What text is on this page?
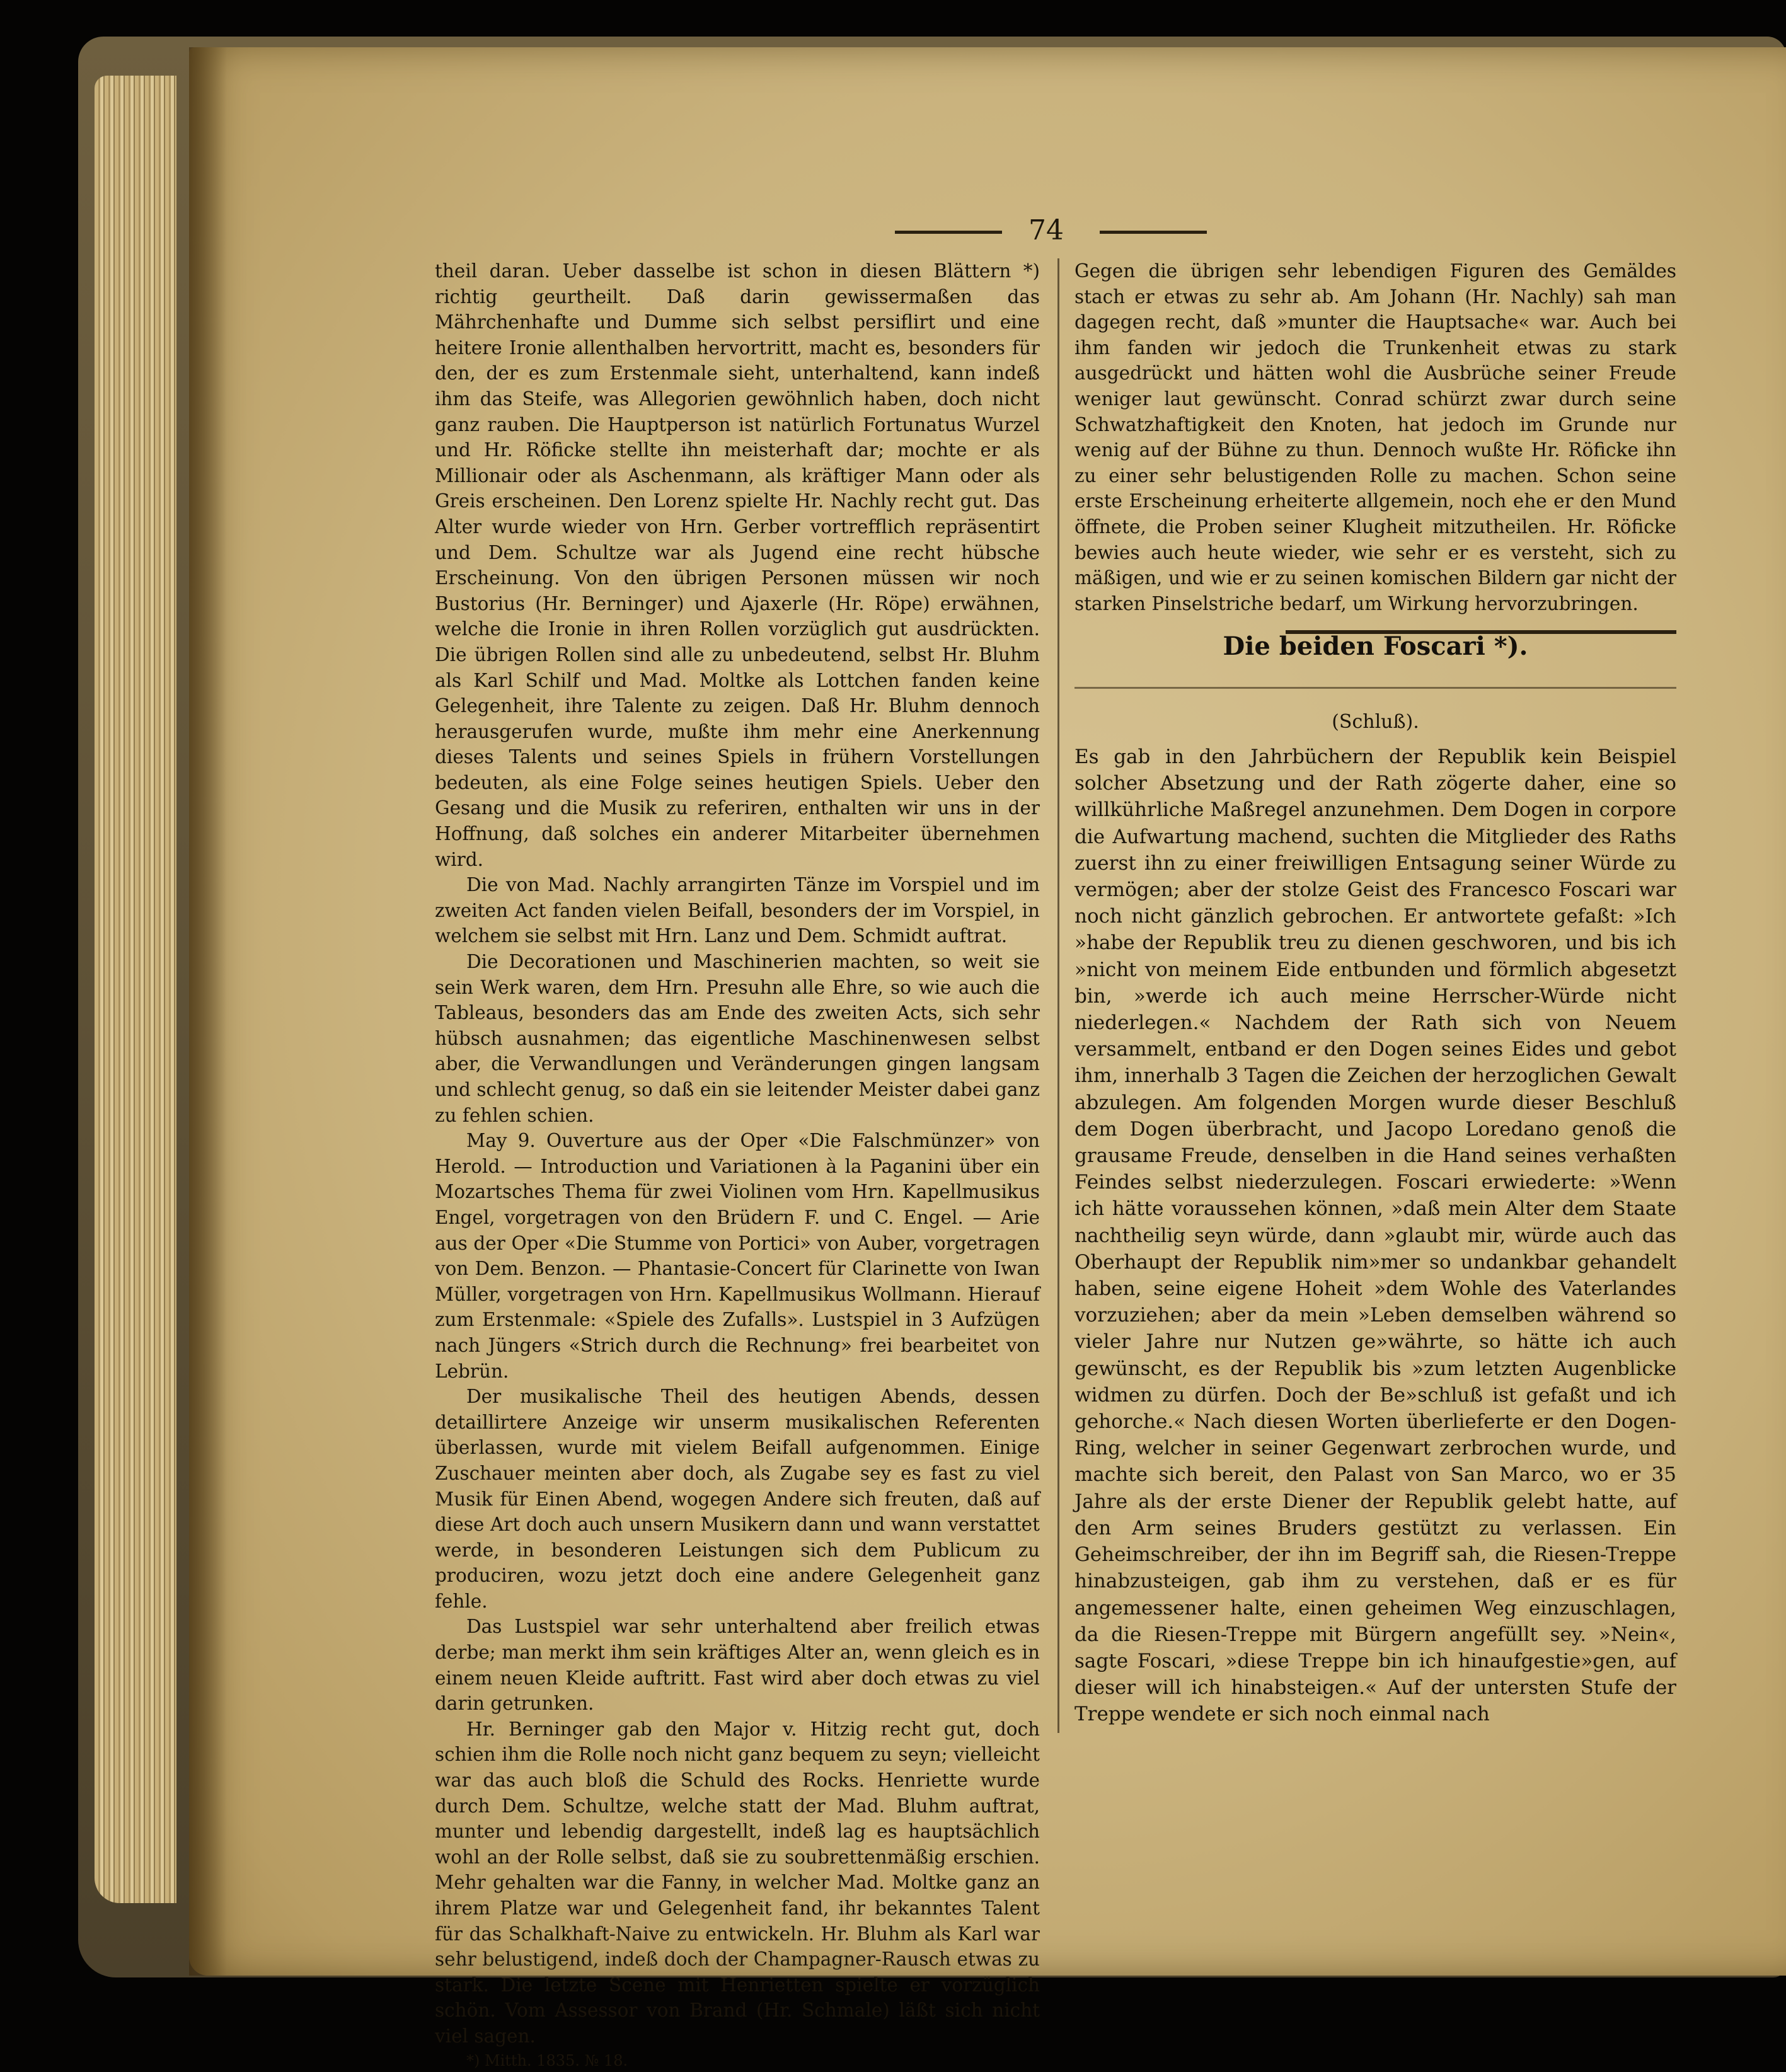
74

theil daran. Ueber dasselbe ist schon in diesen Blättern *) richtig geurtheilt. Daß darin gewissermaßen das Mährchenhafte und Dumme sich selbst persiflirt und eine heitere Ironie allenthalben hervortritt, macht es, besonders für den, der es zum Erstenmale sieht, unterhaltend, kann indeß ihm das Steife, was Allegorien gewöhnlich haben, doch nicht ganz rauben. Die Hauptperson ist natürlich Fortunatus Wurzel und Hr. Röficke stellte ihn meisterhaft dar; mochte er als Millionair oder als Aschenmann, als kräftiger Mann oder als Greis erscheinen. Den Lorenz spielte Hr. Nachly recht gut. Das Alter wurde wieder von Hrn. Gerber vortrefflich repräsentirt und Dem. Schultze war als Jugend eine recht hübsche Erscheinung. Von den übrigen Personen müssen wir noch Bustorius (Hr. Berninger) und Ajaxerle (Hr. Röpe) erwähnen, welche die Ironie in ihren Rollen vorzüglich gut ausdrückten. Die übrigen Rollen sind alle zu unbedeutend, selbst Hr. Bluhm als Karl Schilf und Mad. Moltke als Lottchen fanden keine Gelegenheit, ihre Talente zu zeigen. Daß Hr. Bluhm dennoch herausgerufen wurde, mußte ihm mehr eine Anerkennung dieses Talents und seines Spiels in frühern Vorstellungen bedeuten, als eine Folge seines heutigen Spiels. Ueber den Gesang und die Musik zu referiren, enthalten wir uns in der Hoffnung, daß solches ein anderer Mitarbeiter übernehmen wird.

Die von Mad. Nachly arrangirten Tänze im Vorspiel und im zweiten Act fanden vielen Beifall, besonders der im Vorspiel, in welchem sie selbst mit Hrn. Lanz und Dem. Schmidt auftrat.

Die Decorationen und Maschinerien machten, so weit sie sein Werk waren, dem Hrn. Presuhn alle Ehre, so wie auch die Tableaus, besonders das am Ende des zweiten Acts, sich sehr hübsch ausnahmen; das eigentliche Maschinenwesen selbst aber, die Verwandlungen und Veränderungen gingen langsam und schlecht genug, so daß ein sie leitender Meister dabei ganz zu fehlen schien.

May 9. Ouverture aus der Oper «Die Falschmünzer» von Herold. — Introduction und Variationen à la Paganini über ein Mozartsches Thema für zwei Violinen vom Hrn. Kapellmusikus Engel, vorgetragen von den Brüdern F. und C. Engel. — Arie aus der Oper «Die Stumme von Portici» von Auber, vorgetragen von Dem. Benzon. — Phantasie-Concert für Clarinette von Iwan Müller, vorgetragen von Hrn. Kapellmusikus Wollmann. Hierauf zum Erstenmale: «Spiele des Zufalls». Lustspiel in 3 Aufzügen nach Jüngers «Strich durch die Rechnung» frei bearbeitet von Lebrün.

Der musikalische Theil des heutigen Abends, dessen detaillirtere Anzeige wir unserm musikalischen Referenten überlassen, wurde mit vielem Beifall aufgenommen. Einige Zuschauer meinten aber doch, als Zugabe sey es fast zu viel Musik für Einen Abend, wogegen Andere sich freuten, daß auf diese Art doch auch unsern Musikern dann und wann verstattet werde, in besonderen Leistungen sich dem Publicum zu produciren, wozu jetzt doch eine andere Gelegenheit ganz fehle.

Das Lustspiel war sehr unterhaltend aber freilich etwas derbe; man merkt ihm sein kräftiges Alter an, wenn gleich es in einem neuen Kleide auftritt. Fast wird aber doch etwas zu viel darin getrunken.

Hr. Berninger gab den Major v. Hitzig recht gut, doch schien ihm die Rolle noch nicht ganz bequem zu seyn; vielleicht war das auch bloß die Schuld des Rocks. Henriette wurde durch Dem. Schultze, welche statt der Mad. Bluhm auftrat, munter und lebendig dargestellt, indeß lag es hauptsächlich wohl an der Rolle selbst, daß sie zu soubrettenmäßig erschien. Mehr gehalten war die Fanny, in welcher Mad. Moltke ganz an ihrem Platze war und Gelegenheit fand, ihr bekanntes Talent für das Schalkhaft-Naive zu entwickeln. Hr. Bluhm als Karl war sehr belustigend, indeß doch der Champagner-Rausch etwas zu stark. Die letzte Scene mit Henrietten spielte er vorzüglich schön. Vom Assessor von Brand (Hr. Schmale) läßt sich nicht viel sagen.

*) Mitth. 1835. № 18.

Gegen die übrigen sehr lebendigen Figuren des Gemäldes stach er etwas zu sehr ab. Am Johann (Hr. Nachly) sah man dagegen recht, daß »munter die Hauptsache« war. Auch bei ihm fanden wir jedoch die Trunkenheit etwas zu stark ausgedrückt und hätten wohl die Ausbrüche seiner Freude weniger laut gewünscht. Conrad schürzt zwar durch seine Schwatzhaftigkeit den Knoten, hat jedoch im Grunde nur wenig auf der Bühne zu thun. Dennoch wußte Hr. Röficke ihn zu einer sehr belustigenden Rolle zu machen. Schon seine erste Erscheinung erheiterte allgemein, noch ehe er den Mund öffnete, die Proben seiner Klugheit mitzutheilen. Hr. Röficke bewies auch heute wieder, wie sehr er es versteht, sich zu mäßigen, und wie er zu seinen komischen Bildern gar nicht der starken Pinselstriche bedarf, um Wirkung hervorzubringen.

Die beiden Foscari *).
(Schluß).

Es gab in den Jahrbüchern der Republik kein Beispiel solcher Absetzung und der Rath zögerte daher, eine so willkührliche Maßregel anzunehmen. Dem Dogen in corpore die Aufwartung machend, suchten die Mitglieder des Raths zuerst ihn zu einer freiwilligen Entsagung seiner Würde zu vermögen; aber der stolze Geist des Francesco Foscari war noch nicht gänzlich gebrochen. Er antwortete gefaßt: »Ich »habe der Republik treu zu dienen geschworen, und bis ich »nicht von meinem Eide entbunden und förmlich abgesetzt bin, »werde ich auch meine Herrscher-Würde nicht niederlegen.« Nachdem der Rath sich von Neuem versammelt, entband er den Dogen seines Eides und gebot ihm, innerhalb 3 Tagen die Zeichen der herzoglichen Gewalt abzulegen. Am folgenden Morgen wurde dieser Beschluß dem Dogen überbracht, und Jacopo Loredano genoß die grausame Freude, denselben in die Hand seines verhaßten Feindes selbst niederzulegen. Foscari erwiederte: »Wenn ich hätte voraussehen können, »daß mein Alter dem Staate nachtheilig seyn würde, dann »glaubt mir, würde auch das Oberhaupt der Republik nim»mer so undankbar gehandelt haben, seine eigene Hoheit »dem Wohle des Vaterlandes vorzuziehen; aber da mein »Leben demselben während so vieler Jahre nur Nutzen ge»währte, so hätte ich auch gewünscht, es der Republik bis »zum letzten Augenblicke widmen zu dürfen. Doch der Be»schluß ist gefaßt und ich gehorche.« Nach diesen Worten überlieferte er den Dogen-Ring, welcher in seiner Gegenwart zerbrochen wurde, und machte sich bereit, den Palast von San Marco, wo er 35 Jahre als der erste Diener der Republik gelebt hatte, auf den Arm seines Bruders gestützt zu verlassen. Ein Geheimschreiber, der ihn im Begriff sah, die Riesen-Treppe hinabzusteigen, gab ihm zu verstehen, daß er es für angemessener halte, einen geheimen Weg einzuschlagen, da die Riesen-Treppe mit Bürgern angefüllt sey. »Nein«, sagte Foscari, »diese Treppe bin ich hinaufgestie»gen, auf dieser will ich hinabsteigen.« Auf der untersten Stufe der Treppe wendete er sich noch einmal nach
